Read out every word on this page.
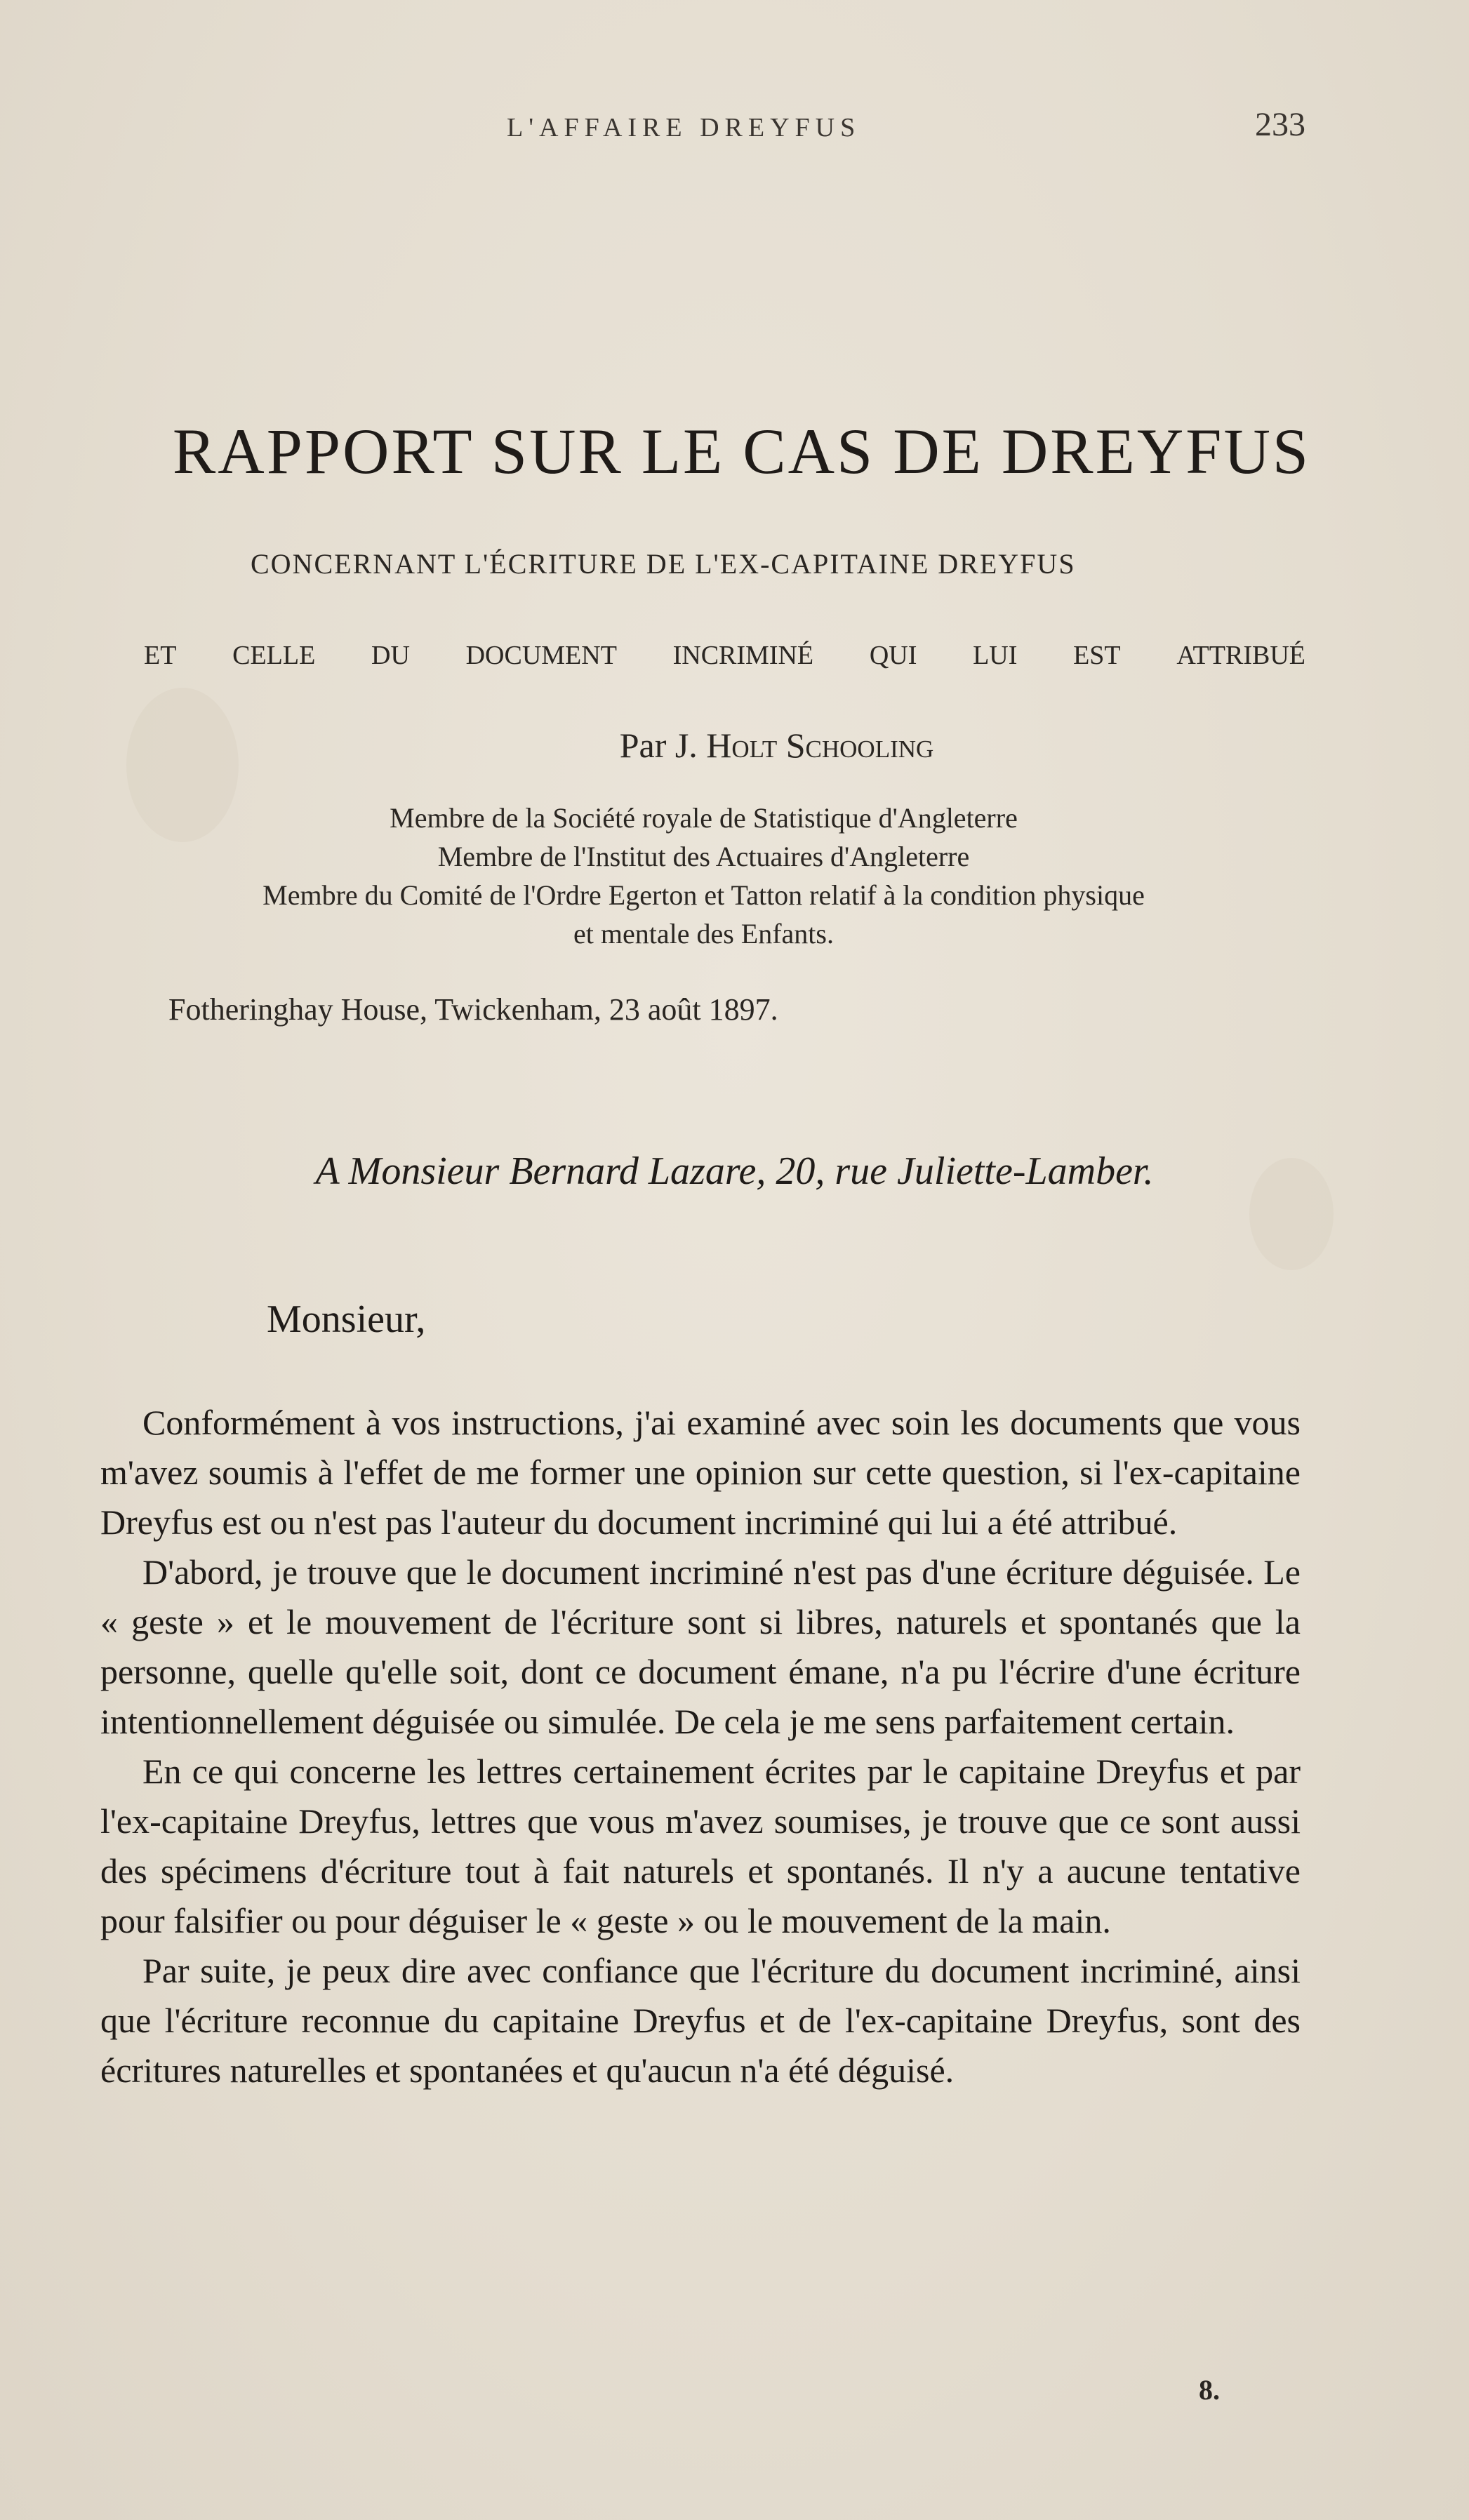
L'AFFAIRE DREYFUS	233
RAPPORT SUR LE CAS DE DREYFUS
CONCERNANT L'ÉCRITURE DE L'EX-CAPITAINE DREYFUS
ET CELLE DU DOCUMENT INCRIMINÉ QUI LUI EST ATTRIBUÉ
Par J. Holt Schooling
Membre de la Société royale de Statistique d'Angleterre
Membre de l'Institut des Actuaires d'Angleterre
Membre du Comité de l'Ordre Egerton et Tatton relatif à la condition physique
et mentale des Enfants.
Fotheringhay House, Twickenham, 23 août 1897.
A Monsieur Bernard Lazare, 20, rue Juliette-Lamber.
Monsieur,

Conformément à vos instructions, j'ai examiné avec soin les documents que vous m'avez soumis à l'effet de me former une opinion sur cette question, si l'ex-capitaine Dreyfus est ou n'est pas l'auteur du document incriminé qui lui a été attribué.

D'abord, je trouve que le document incriminé n'est pas d'une écriture déguisée. Le « geste » et le mouvement de l'écriture sont si libres, naturels et spontanés que la personne, quelle qu'elle soit, dont ce document émane, n'a pu l'écrire d'une écriture intentionnellement déguisée ou simulée. De cela je me sens parfaitement certain.

En ce qui concerne les lettres certainement écrites par le capitaine Dreyfus et par l'ex-capitaine Dreyfus, lettres que vous m'avez soumises, je trouve que ce sont aussi des spécimens d'écriture tout à fait naturels et spontanés. Il n'y a aucune tentative pour falsifier ou pour déguiser le « geste » ou le mouvement de la main.

Par suite, je peux dire avec confiance que l'écriture du document incriminé, ainsi que l'écriture reconnue du capitaine Dreyfus et de l'ex-capitaine Dreyfus, sont des écritures naturelles et spontanées et qu'aucun n'a été déguisé.

8.
